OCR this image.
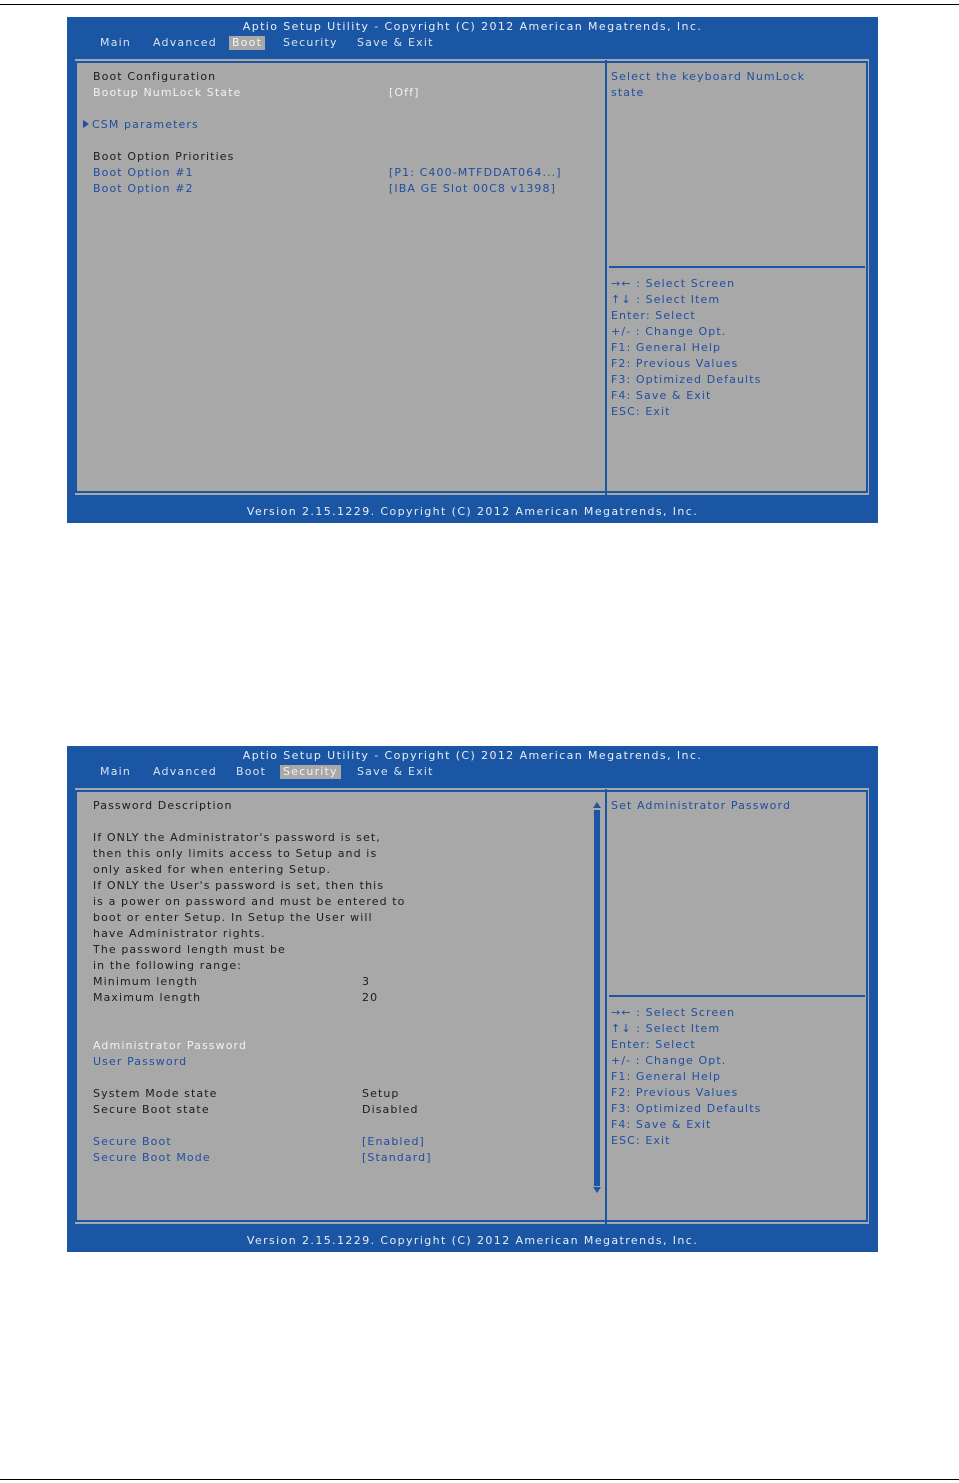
Aptio Setup Utility - Copyright (C) 2012 American Megatrends, Inc.
Main Advanced Boot Security Save & Exit
Boot Configuration
Bootup NumLock State	[Off]
CSM parameters
Boot Option Priorities
Boot Option #1	[P1: C400-MTFDDAT064...]
Boot Option #2	[IBA GE Slot 00C8 v1398]
Select the keyboard NumLock
state
→← : Select Screen
↑↓ : Select Item
Enter: Select
+/- : Change Opt.
F1: General Help
F2: Previous Values
F3: Optimized Defaults
F4: Save & Exit
ESC: Exit
Version 2.15.1229. Copyright (C) 2012 American Megatrends, Inc.
Aptio Setup Utility - Copyright (C) 2012 American Megatrends, Inc.
Main Advanced Boot Security Save & Exit
Password Description
If ONLY the Administrator's password is set,
then this only limits access to Setup and is
only asked for when entering Setup.
If ONLY the User's password is set, then this
is a power on password and must be entered to
boot or enter Setup. In Setup the User will
have Administrator rights.
The password length must be
in the following range:
Minimum length	3
Maximum length	20
Administrator Password
User Password
System Mode state	Setup
Secure Boot state	Disabled
Secure Boot	[Enabled]
Secure Boot Mode	[Standard]
Set Administrator Password
→← : Select Screen
↑↓ : Select Item
Enter: Select
+/- : Change Opt.
F1: General Help
F2: Previous Values
F3: Optimized Defaults
F4: Save & Exit
ESC: Exit
Version 2.15.1229. Copyright (C) 2012 American Megatrends, Inc.
